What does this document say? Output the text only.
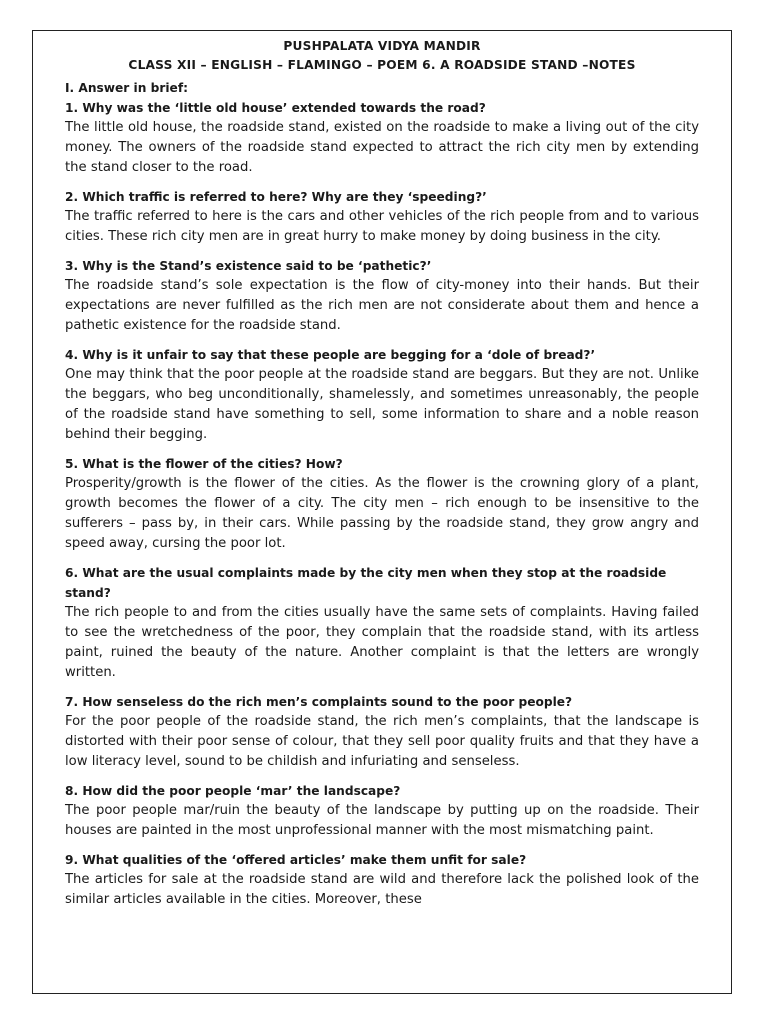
PUSHPALATA VIDYA MANDIR
CLASS XII – ENGLISH – FLAMINGO – POEM 6. A ROADSIDE STAND –NOTES
I. Answer in brief:
1. Why was the ‘little old house’ extended towards the road?
The little old house, the roadside stand, existed on the roadside to make a living out of the city money. The owners of the roadside stand expected to attract the rich city men by extending the stand closer to the road.
2. Which traffic is referred to here? Why are they ‘speeding?’
The traffic referred to here is the cars and other vehicles of the rich people from and to various cities. These rich city men are in great hurry to make money by doing business in the city.
3. Why is the Stand’s existence said to be ‘pathetic?’
The roadside stand’s sole expectation is the flow of city-money into their hands. But their expectations are never fulfilled as the rich men are not considerate about them and hence a pathetic existence for the roadside stand.
4. Why is it unfair to say that these people are begging for a ‘dole of bread?’
One may think that the poor people at the roadside stand are beggars. But they are not. Unlike the beggars, who beg unconditionally, shamelessly, and sometimes unreasonably, the people of the roadside stand have something to sell, some information to share and a noble reason behind their begging.
5. What is the flower of the cities? How?
Prosperity/growth is the flower of the cities. As the flower is the crowning glory of a plant, growth becomes the flower of a city. The city men – rich enough to be insensitive to the sufferers – pass by, in their cars. While passing by the roadside stand, they grow angry and speed away, cursing the poor lot.
6. What are the usual complaints made by the city men when they stop at the roadside stand?
The rich people to and from the cities usually have the same sets of complaints. Having failed to see the wretchedness of the poor, they complain that the roadside stand, with its artless paint, ruined the beauty of the nature. Another complaint is that the letters are wrongly written.
7. How senseless do the rich men’s complaints sound to the poor people?
For the poor people of the roadside stand, the rich men’s complaints, that the landscape is distorted with their poor sense of colour, that they sell poor quality fruits and that they have a low literacy level, sound to be childish and infuriating and senseless.
8. How did the poor people ‘mar’ the landscape?
The poor people mar/ruin the beauty of the landscape by putting up on the roadside. Their houses are painted in the most unprofessional manner with the most mismatching paint.
9. What qualities of the ‘offered articles’ make them unfit for sale?
The articles for sale at the roadside stand are wild and therefore lack the polished look of the similar articles available in the cities. Moreover, these
